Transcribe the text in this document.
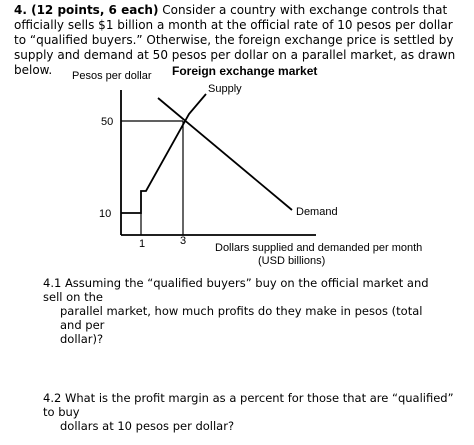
4. (12 points, 6 each) Consider a country with exchange controls that officially sells $1 billion a month at the official rate of 10 pesos per dollar to “qualified buyers.” Otherwise, the foreign exchange price is settled by supply and demand at 50 pesos per dollar on a parallel market, as drawn below.	Foreign exchange market
Pesos per dollar
Supply
Demand
50
10
1	3
Dollars supplied and demanded per month
(USD billions)
4.1 Assuming the “qualified buyers” buy on the official market and sell on the
parallel market, how much profits do they make in pesos (total and per
dollar)?
4.2 What is the profit margin as a percent for those that are “qualified” to buy
dollars at 10 pesos per dollar?
